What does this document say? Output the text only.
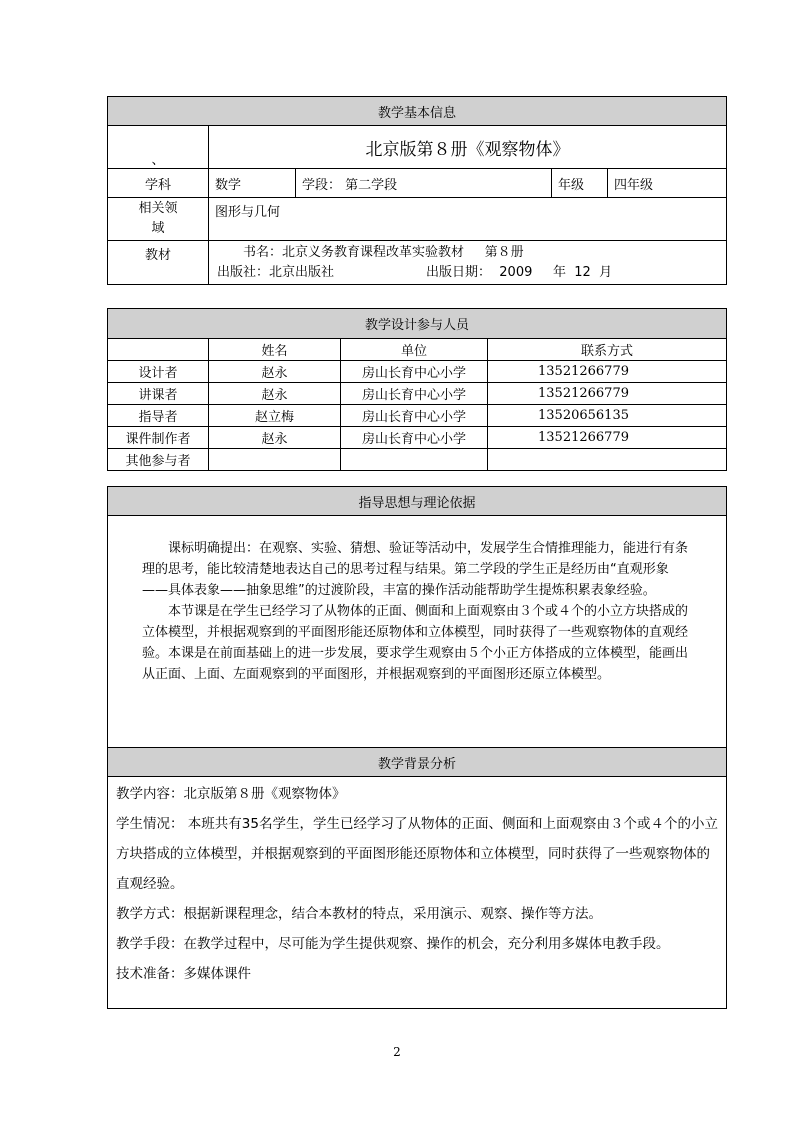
教学基本信息				
、	北京版第８册《观察物体》			
学科	数学	学段： 第二学段	年级	四年级
相关领域	图形与几何			
教材	书名：北京义务教育课程改革实验教材     第８册
出版社：北京出版社 出版日期：  2009     年  12  月			
教学设计参与人员			
	姓名	单位	联系方式
设计者	赵永	房山长育中心小学	13521266779
讲课者	赵永	房山长育中心小学	13521266779
指导者	赵立梅	房山长育中心小学	13520656135
课件制作者	赵永	房山长育中心小学	13521266779
其他参与者			
指导思想与理论依据

课标明确提出：在观察、实验、猜想、验证等活动中，发展学生合情推理能力，能进行有条理的思考，能比较清楚地表达自己的思考过程与结果。第二学段的学生正是经历由“直观形象——具体表象——抽象思维”的过渡阶段，丰富的操作活动能帮助学生提炼积累表象经验。

本节课是在学生已经学习了从物体的正面、侧面和上面观察由３个或４个的小立方块搭成的立体模型，并根据观察到的平面图形能还原物体和立体模型，同时获得了一些观察物体的直观经验。本课是在前面基础上的进一步发展，要求学生观察由５个小正方体搭成的立体模型，能画出从正面、上面、左面观察到的平面图形，并根据观察到的平面图形还原立体模型。

教学背景分析

教学内容：北京版第８册《观察物体》

学生情况： 本班共有35名学生，学生已经学习了从物体的正面、侧面和上面观察由３个或４个的小立方块搭成的立体模型，并根据观察到的平面图形能还原物体和立体模型，同时获得了一些观察物体的直观经验。

教学方式：根据新课程理念，结合本教材的特点，采用演示、观察、操作等方法。

教学手段：在教学过程中，尽可能为学生提供观察、操作的机会，充分利用多媒体电教手段。

技术准备：多媒体课件

2
